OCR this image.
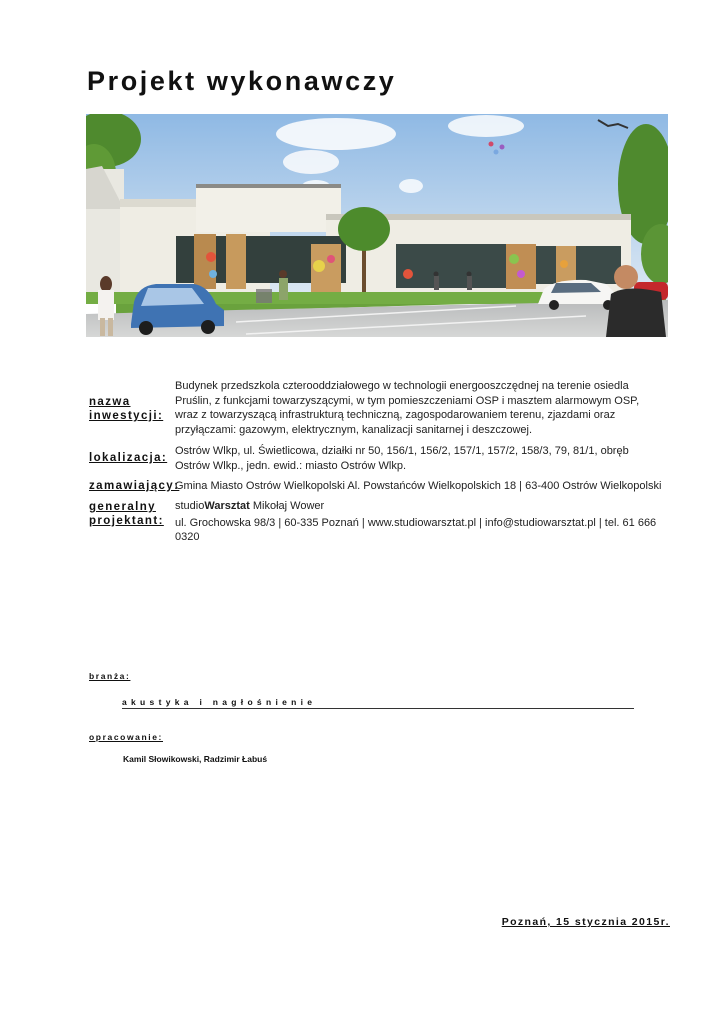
Projekt wykonawczy
nazwa
inwestycji:
Budynek przedszkola czterooddziałowego w technologii energooszczędnej na terenie osiedla Pruślin, z funkcjami towarzyszącymi, w tym pomieszczeniami OSP i masztem alarmowym OSP, wraz z towarzyszącą infrastrukturą techniczną, zagospodarowaniem terenu, zjazdami oraz przyłączami: gazowym, elektrycznym, kanalizacji sanitarnej i deszczowej.
lokalizacja:
Ostrów Wlkp, ul. Świetlicowa, działki nr 50, 156/1, 156/2, 157/1, 157/2, 158/3, 79, 81/1, obręb Ostrów Wlkp., jedn. ewid.: miasto Ostrów Wlkp.
zamawiający:
Gmina Miasto Ostrów Wielkopolski Al. Powstańców Wielkopolskich 18 | 63-400 Ostrów Wielkopolski
generalny
projektant:
studioWarsztat Mikołaj Wower
ul. Grochowska 98/3 | 60-335 Poznań | www.studiowarsztat.pl | info@studiowarsztat.pl | tel. 61 666 0320
branża:
akustyka i nagłośnienie
opracowanie:
Kamil Słowikowski, Radzimir Łabuś
Poznań, 15 stycznia 2015r.
